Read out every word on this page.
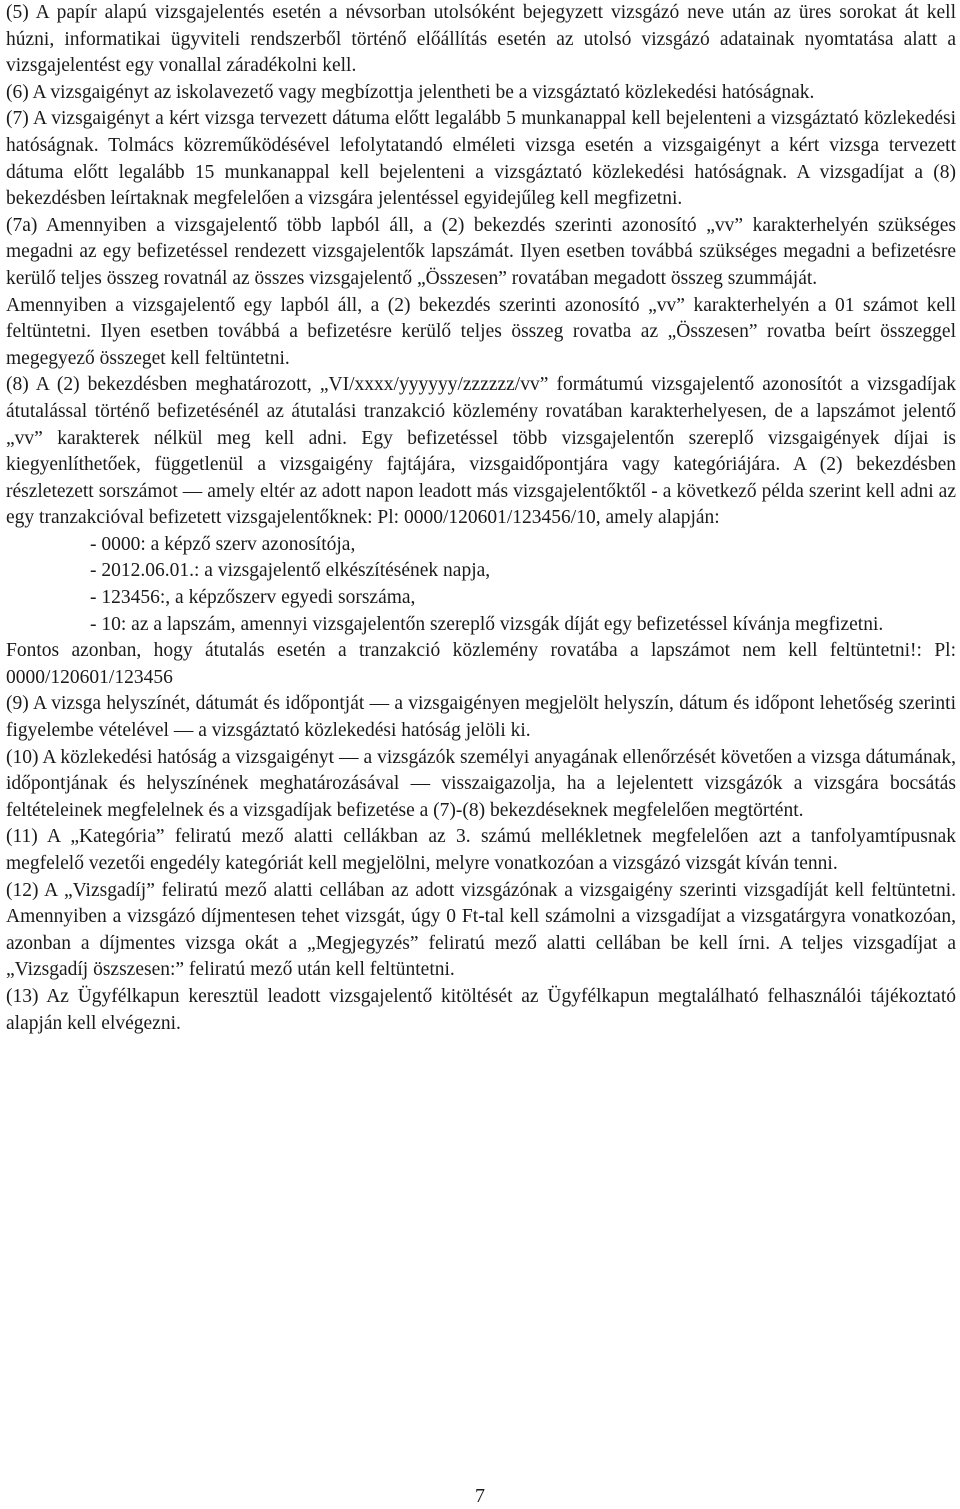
(5) A papír alapú vizsgajelentés esetén a névsorban utolsóként bejegyzett vizsgázó neve után az üres sorokat át kell húzni, informatikai ügyviteli rendszerből történő előállítás esetén az utolsó vizsgázó adatainak nyomtatása alatt a vizsgajelentést egy vonallal záradékolni kell.

(6) A vizsgaigényt az iskolavezető vagy megbízottja jelentheti be a vizsgáztató közlekedési hatóságnak.

(7) A vizsgaigényt a kért vizsga tervezett dátuma előtt legalább 5 munkanappal kell bejelenteni a vizsgáztató közlekedési hatóságnak. Tolmács közreműködésével lefolytatandó elméleti vizsga esetén a vizsgaigényt a kért vizsga tervezett dátuma előtt legalább 15 munkanappal kell bejelenteni a vizsgáztató közlekedési hatóságnak. A vizsgadíjat a (8) bekezdésben leírtaknak megfelelően a vizsgára jelentéssel egyidejűleg kell megfizetni.

(7a) Amennyiben a vizsgajelentő több lapból áll, a (2) bekezdés szerinti azonosító „vv” karakterhelyén szükséges megadni az egy befizetéssel rendezett vizsgajelentők lapszámát. Ilyen esetben továbbá szükséges megadni a befizetésre kerülő teljes összeg rovatnál az összes vizsgajelentő „Összesen” rovatában megadott összeg szummáját.

Amennyiben a vizsgajelentő egy lapból áll, a (2) bekezdés szerinti azonosító „vv” karakterhelyén a 01 számot kell feltüntetni. Ilyen esetben továbbá a befizetésre kerülő teljes összeg rovatba az „Összesen” rovatba beírt összeggel megegyező összeget kell feltüntetni.

(8) A (2) bekezdésben meghatározott, „VI/xxxx/yyyyyy/zzzzzz/vv” formátumú vizsgajelentő azonosítót a vizsgadíjak átutalással történő befizetésénél az átutalási tranzakció közlemény rovatában karakterhelyesen, de a lapszámot jelentő „vv” karakterek nélkül meg kell adni. Egy befizetéssel több vizsgajelentőn szereplő vizsgaigények díjai is kiegyenlíthetőek, függetlenül a vizsgaigény fajtájára, vizsgaidőpontjára vagy kategóriájára. A (2) bekezdésben részletezett sorszámot ― amely eltér az adott napon leadott más vizsgajelentőktől - a következő példa szerint kell adni az egy tranzakcióval befizetett vizsgajelentőknek: Pl: 0000/120601/123456/10, amely alapján:

- 0000: a képző szerv azonosítója,
- 2012.06.01.: a vizsgajelentő elkészítésének napja,
- 123456:, a képzőszerv egyedi sorszáma,
- 10: az a lapszám, amennyi vizsgajelentőn szereplő vizsgák díját egy befizetéssel kívánja megfizetni.

Fontos azonban, hogy átutalás esetén a tranzakció közlemény rovatába a lapszámot nem kell feltüntetni!: Pl: 0000/120601/123456

(9) A vizsga helyszínét, dátumát és időpontját ― a vizsgaigényen megjelölt helyszín, dátum és időpont lehetőség szerinti figyelembe vételével ― a vizsgáztató közlekedési hatóság jelöli ki.

(10) A közlekedési hatóság a vizsgaigényt ― a vizsgázók személyi anyagának ellenőrzését követően a vizsga dátumának, időpontjának és helyszínének meghatározásával ― visszaigazolja, ha a lejelentett vizsgázók a vizsgára bocsátás feltételeinek megfelelnek és a vizsgadíjak befizetése a (7)-(8) bekezdéseknek megfelelően megtörtént.

(11) A „Kategória” feliratú mező alatti cellákban az 3. számú mellékletnek megfelelően azt a tanfolyamtípusnak megfelelő vezetői engedély kategóriát kell megjelölni, melyre vonatkozóan a vizsgázó vizsgát kíván tenni.

(12) A „Vizsgadíj” feliratú mező alatti cellában az adott vizsgázónak a vizsgaigény szerinti vizsgadíját kell feltüntetni. Amennyiben a vizsgázó díjmentesen tehet vizsgát, úgy 0 Ft-tal kell számolni a vizsgadíjat a vizsgatárgyra vonatkozóan, azonban a díjmentes vizsga okát a „Megjegyzés” feliratú mező alatti cellában be kell írni. A teljes vizsgadíjat a „Vizsgadíj öszszesen:” feliratú mező után kell feltüntetni.

(13) Az Ügyfélkapun keresztül leadott vizsgajelentő kitöltését az Ügyfélkapun megtalálható felhasználói tájékoztató alapján kell elvégezni.

7
